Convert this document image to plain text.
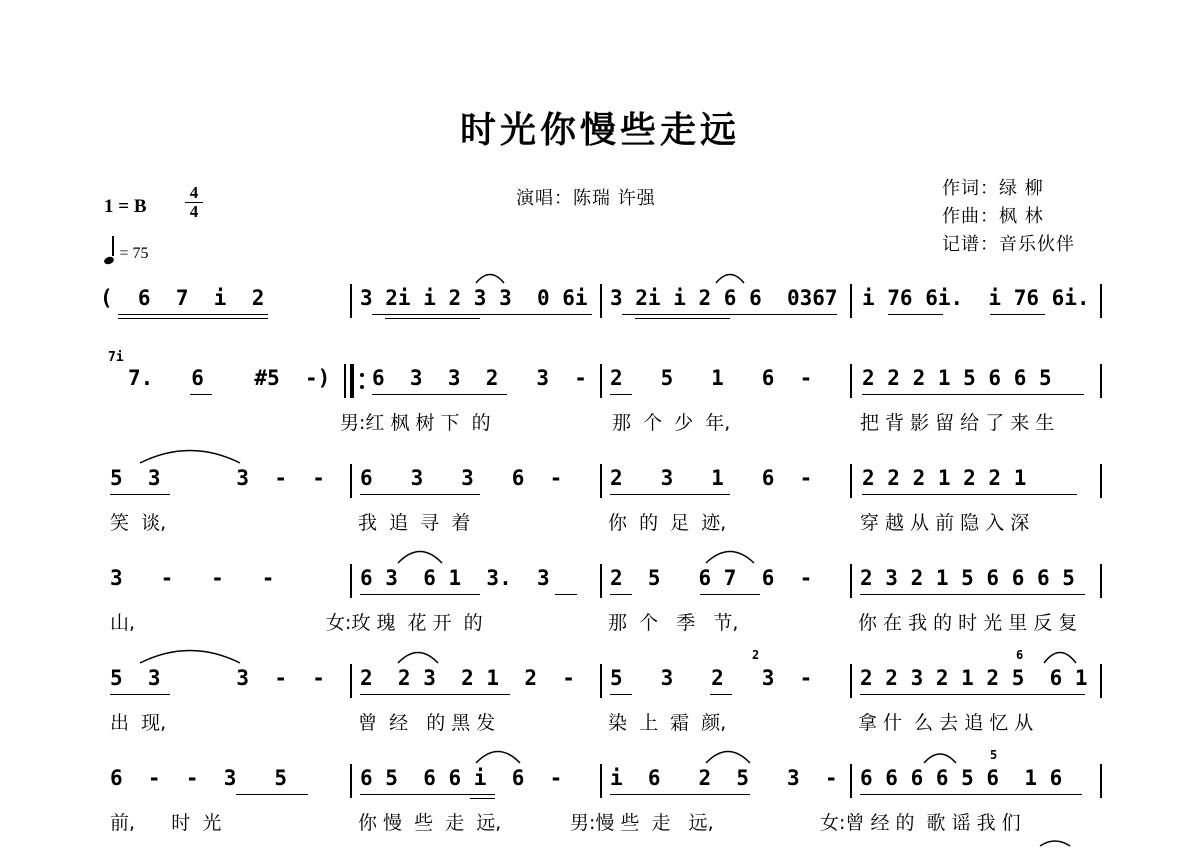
时光你慢些走远
演唱：陈瑞 许强	作词：绿 柳
作曲：枫 林
记谱：音乐伙伴
1 = B
4
4
= 75
(  6  7  i  2	3 2i i 2 3 3  0 6i 3 2i i 2 6 6  0367 i 76 6i.  i 76 6i.
7i
7.   6    #5  -) 6  3  3  2   3  - 2   5   1   6  - 2 2 2 1 5 6 6 5
男:红 枫 树 下  的	那  个  少  年,	把 背 影 留 给 了 来 生
5  3      3  -  - 6   3   3   6  - 2   3   1   6  - 2 2 2 1 2 2 1
笑  谈,	我  追  寻  着	你  的  足  迹,	穿 越 从 前 隐 入 深
3   -   -   -	6 3  6 1  3.  3	2  5   6 7  6  - 2 3 2 1 5 6 6 6 5
山,	女:玫 瑰  花 开  的	那  个   季   节,	你 在 我 的 时 光 里 反 复
5  3      3  -  - 2  2 3  2 1  2  - 5   3   2   3  - 2 2 3 2 1 2 5  6 1
2	6
出  现,	曾  经   的 黑 发	染  上  霜  颜,	拿 什  么 去 追 忆 从
6  -  -  3   5	6 5  6 6 i  6  - i  6   2  5   3  - 6 6 6 6 5 6  1 6
5
前,      时  光	你 慢  些  走  远,	男:慢 些  走   远,	女:曾 经 的  歌 谣 我 们
